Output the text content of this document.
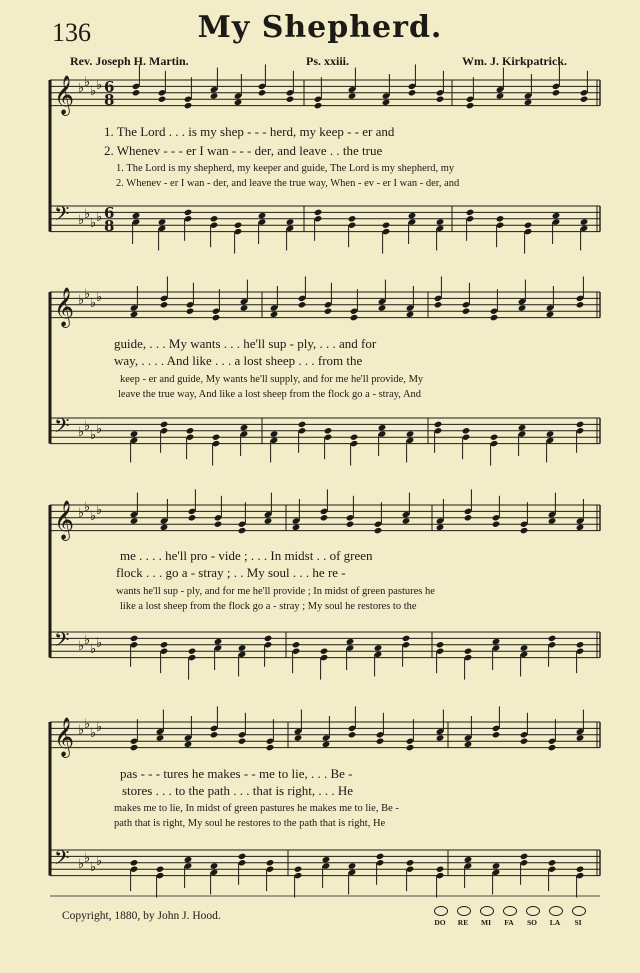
136	My Shepherd.
Rev. Joseph H. Martin.	Ps. xxiii.	Wm. J. Kirkpatrick.
𝄞 ♭ ♭
♭ ♭
𝄢 ♭ ♭
♭ ♭
𝄞 ♭ ♭
♭ ♭
𝄢 ♭ ♭
♭ ♭
𝄞 ♭ ♭
♭ ♭
𝄢 ♭ ♭
♭ ♭
𝄞 ♭ ♭
♭ ♭
𝄢 ♭ ♭
♭ ♭
6
8
6
8
1. The Lord . . . is my shep - - - herd, my keep - - er and
2. Whenev - - - er I wan - - - der, and leave . . the true
1. The Lord is my shepherd, my keeper and guide, The Lord is my shepherd, my
2. Whenev - er I wan - der, and leave the true way, When - ev - er I wan - der, and
guide, . . . My wants . . . he'll sup - ply, . . . and for
way, . . . . And like . . . a lost sheep . . . from the
keep - er and guide, My wants he'll supply, and for me he'll provide, My
leave the true way, And like a lost sheep from the flock go a - stray, And
me . . . . he'll pro - vide ; . . . In midst . . of green
flock . . . go a - stray ; . . My soul . . . he re -
wants he'll sup - ply, and for me he'll provide ; In midst of green pastures he
like a lost sheep from the flock go a - stray ; My soul he restores to the
pas - - - tures he makes - - me to lie, . . . Be -
stores . . . to the path . . . that is right, . . . He
makes me to lie, In midst of green pastures he makes me to lie, Be -
path that is right, My soul he restores to the path that is right, He
Copyright, 1880, by John J. Hood.
DO	RE	MI	FA	SO	LA	SI
